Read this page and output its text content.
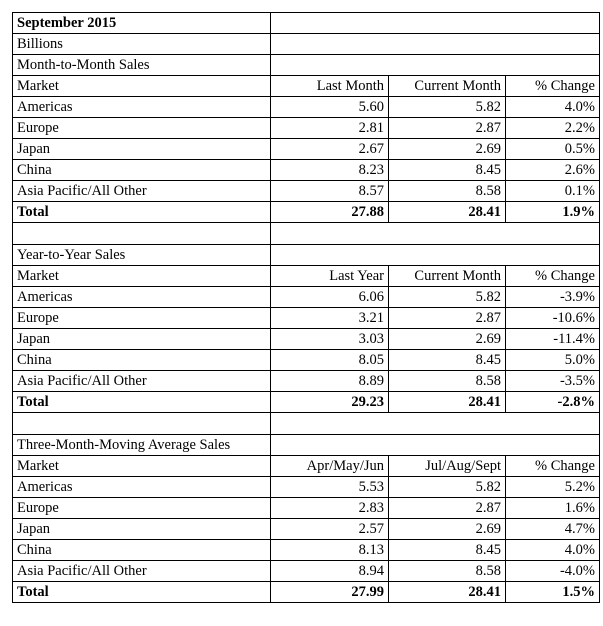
September 2015			
Billions			
Month-to-Month Sales			
Market	Last Month	Current Month	% Change
Americas	5.60	5.82	4.0%
Europe	2.81	2.87	2.2%
Japan	2.67	2.69	0.5%
China	8.23	8.45	2.6%
Asia Pacific/All Other	8.57	8.58	0.1%
Total	27.88	28.41	1.9%

Year-to-Year Sales			
Market	Last Year	Current Month	% Change
Americas	6.06	5.82	-3.9%
Europe	3.21	2.87	-10.6%
Japan	3.03	2.69	-11.4%
China	8.05	8.45	5.0%
Asia Pacific/All Other	8.89	8.58	-3.5%
Total	29.23	28.41	-2.8%

Three-Month-Moving Average Sales			
Market	Apr/May/Jun	Jul/Aug/Sept	% Change
Americas	5.53	5.82	5.2%
Europe	2.83	2.87	1.6%
Japan	2.57	2.69	4.7%
China	8.13	8.45	4.0%
Asia Pacific/All Other	8.94	8.58	-4.0%
Total	27.99	28.41	1.5%
